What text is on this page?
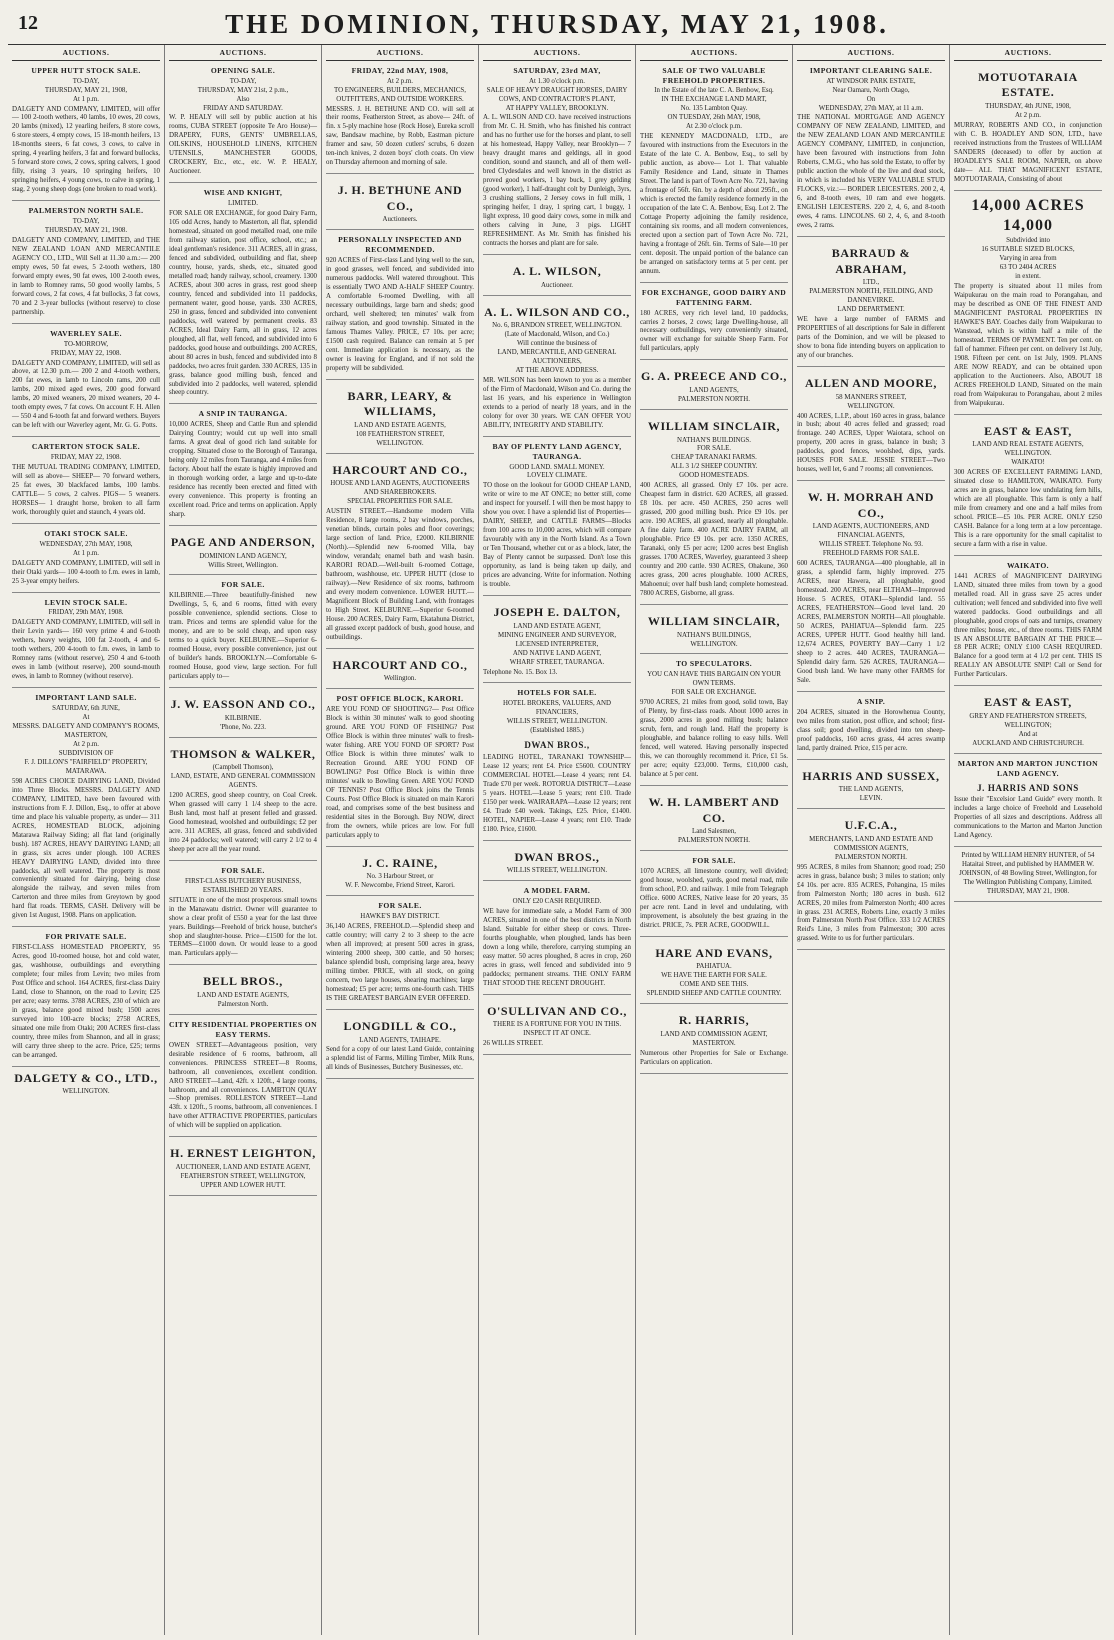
12	THE DOMINION, THURSDAY, MAY 21, 1908.
AUCTIONS.
UPPER HUTT STOCK SALE.
TO-DAY,
THURSDAY, MAY 21, 1908,
At 1 p.m.
DALGETY AND COMPANY, LIMITED, will offer— 100 2-tooth wethers, 40 lambs, 10 ewes, 20 cows, 20 lambs (mixed), 12 yearling heifers, 8 store cows, 6 store steers, 4 empty cows, 15 18-month heifers, 13 18-months steers, 6 fat cows, 3 cows, to calve in spring, 4 yearling heifers, 3 fat and forward bullocks, 5 forward store cows, 2 cows, spring calvers, 1 good filly, rising 3 years, 10 springing heifers, 10 springing heifers, 4 young cows, to calve in spring, 1 stag, 2 young sheep dogs (one broken to road work).
PALMERSTON NORTH SALE.
TO-DAY,
THURSDAY, MAY 21, 1908.
DALGETY AND COMPANY, LIMITED, and THE NEW ZEALAND LOAN AND MERCANTILE AGENCY CO., LTD., Will Sell at 11.30 a.m.:— 200 empty ewes, 50 fat ewes, 5 2-tooth wethers, 180 forward empty ewes, 90 fat ewes, 100 2-tooth ewes, in lamb to Romney rams, 50 good woolly lambs, 5 forward cows, 2 fat cows, 4 fat bullocks, 3 fat cows, 70 and 2 3-year bullocks (without reserve) to close partnership.
WAVERLEY SALE.
TO-MORROW,
FRIDAY, MAY 22, 1908.
DALGETY AND COMPANY, LIMITED, will sell as above, at 12.30 p.m.— 200 2 and 4-tooth wethers, 200 fat ewes, in lamb to Lincoln rams, 200 cull lambs, 200 mixed aged ewes, 200 good forward lambs, 20 mixed weaners, 20 mixed weaners, 20 4-tooth empty ewes, 7 fat cows. On account F. H. Allen— 550 4 and 6-tooth fat and forward wethers. Buyers can be left with our Waverley agent, Mr. G. G. Potts.
CARTERTON STOCK SALE.
FRIDAY, MAY 22, 1908.
THE MUTUAL TRADING COMPANY, LIMITED, will sell as above— SHEEP— 70 forward wethers, 25 fat ewes, 30 blackfaced lambs, 100 lambs. CATTLE— 5 cows, 2 calves. PIGS— 5 weaners. HORSES— 1 draught horse, broken to all farm work, thoroughly quiet and staunch, 4 years old.
OTAKI STOCK SALE.
WEDNESDAY, 27th MAY, 1908,
At 1 p.m.
DALGETY AND COMPANY, LIMITED, will sell in their Otaki yards— 100 4-tooth to f.m. ewes in lamb, 25 3-year empty heifers.
LEVIN STOCK SALE.
FRIDAY, 29th MAY, 1908.
DALGETY AND COMPANY, LIMITED, will sell in their Levin yards— 160 very prime 4 and 6-tooth wethers, heavy weights, 100 fat 2-tooth, 4 and 6-tooth wethers, 200 4-tooth to f.m. ewes, in lamb to Romney rams (without reserve), 250 4 and 6-tooth ewes in lamb (without reserve), 200 sound-mouth ewes, in lamb to Romney (without reserve).
IMPORTANT LAND SALE.
SATURDAY, 6th JUNE,
At
MESSRS. DALGETY AND COMPANY'S ROOMS, MASTERTON,
At 2 p.m.
SUBDIVISION OF
F. J. DILLON'S "FAIRFIELD" PROPERTY,
MATARAWA.
598 ACRES CHOICE DAIRYING LAND, Divided into Three Blocks. MESSRS. DALGETY AND COMPANY, LIMITED, have been favoured with instructions from F. J. Dillon, Esq., to offer at above time and place his valuable property, as under— 311 ACRES, HOMESTEAD BLOCK, adjoining Matarawa Railway Siding; all flat land (originally bush). 187 ACRES, HEAVY DAIRYING LAND; all in grass, six acres under plough. 100 ACRES HEAVY DAIRYING LAND, divided into three paddocks, all well watered. The property is most conveniently situated for dairying, being close alongside the railway, and seven miles from Carterton and three miles from Greytown by good hard flat roads. TERMS, CASH. Delivery will be given 1st August, 1908. Plans on application.
FOR PRIVATE SALE.
FIRST-CLASS HOMESTEAD PROPERTY, 95 Acres, good 10-roomed house, hot and cold water, gas, washhouse, outbuildings and everything complete; four miles from Levin; two miles from Post Office and school. 164 ACRES, first-class Dairy Land, close to Shannon, on the road to Levin; £25 per acre; easy terms. 3788 ACRES, 230 of which are in grass, balance good mixed bush; 1500 acres surveyed into 100-acre blocks; 2758 ACRES, situated one mile from Otaki; 200 ACRES first-class country, three miles from Shannon, and all in grass; will carry three sheep to the acre. Price, £25; terms can be arranged.
DALGETY & CO., LTD.,
WELLINGTON.
AUCTIONS.
OPENING SALE.
TO-DAY,
THURSDAY, MAY 21st, 2 p.m.,
Also
FRIDAY AND SATURDAY.
W. P. HEALY will sell by public auction at his rooms, CUBA STREET (opposite Te Aro House)— DRAPERY, FURS, GENTS' UMBRELLAS, OILSKINS, HOUSEHOLD LINENS, KITCHEN UTENSILS, MANCHESTER GOODS, CROCKERY, Etc., etc., etc. W. P. HEALY, Auctioneer.
WISE AND KNIGHT,
LIMITED.
FOR SALE OR EXCHANGE, for good Dairy Farm, 105 odd Acres, handy to Masterton, all flat, splendid homestead, situated on good metalled road, one mile from railway station, post office, school, etc.; an ideal gentleman's residence. 311 ACRES, all in grass, fenced and subdivided, outbuilding and flat, sheep country, house, yards, sheds, etc., situated good metalled road; handy railway, school, creamery. 1300 ACRES, about 300 acres in grass, rest good sheep country, fenced and subdivided into 11 paddocks, permanent water, good house, yards. 330 ACRES, 250 in grass, fenced and subdivided into convenient paddocks, well watered by permanent creeks. 83 ACRES, Ideal Dairy Farm, all in grass, 12 acres ploughed, all flat, well fenced, and subdivided into 6 paddocks, good house and outbuildings. 200 ACRES, about 80 acres in bush, fenced and subdivided into 8 paddocks, two acres fruit garden. 330 ACRES, 135 in grass, balance good milling bush, fenced and subdivided into 2 paddocks, well watered, splendid sheep country.
A SNIP IN TAURANGA.
10,000 ACRES, Sheep and Cattle Run and splendid Dairying Country; would cut up well into small farms. A great deal of good rich land suitable for cropping. Situated close to the Borough of Tauranga, being only 12 miles from Tauranga, and 4 miles from factory. About half the estate is highly improved and in thorough working order, a large and up-to-date residence has recently been erected and fitted with every convenience. This property is fronting an excellent road. Price and terms on application. Apply sharp.
PAGE AND ANDERSON,
DOMINION LAND AGENCY,
Willis Street, Wellington.
FOR SALE.
KILBIRNIE.—Three beautifully-finished new Dwellings, 5, 6, and 6 rooms, fitted with every possible convenience, splendid sections. Close to tram. Prices and terms are splendid value for the money, and are to be sold cheap, and upon easy terms to a quick buyer. KELBURNE.—Superior 6-roomed House, every possible convenience, just out of builder's hands. BROOKLYN.—Comfortable 6-roomed House, good view, large section. For full particulars apply to—
J. W. EASSON AND CO.,
KILBIRNIE.
'Phone, No. 223.
THOMSON & WALKER,
(Campbell Thomson),
LAND, ESTATE, AND GENERAL COMMISSION AGENTS.
1200 ACRES, good sheep country, on Coal Creek. When grassed will carry 1 1/4 sheep to the acre. Bush land, most half at present felled and grassed. Good homestead, woolshed and outbuildings; £2 per acre. 311 ACRES, all grass, fenced and subdivided into 24 paddocks; well watered; will carry 2 1/2 to 4 sheep per acre all the year round.
FOR SALE.
FIRST-CLASS BUTCHERY BUSINESS,
ESTABLISHED 20 YEARS.
SITUATE in one of the most prosperous small towns in the Manawatu district. Owner will guarantee to show a clear profit of £550 a year for the last three years. Buildings—Freehold of brick house, butcher's shop and slaughter-house. Price—£1500 for the lot. TERMS—£1000 down. Or would lease to a good man. Particulars apply—
BELL BROS.,
LAND AND ESTATE AGENTS,
Palmerston North.
CITY RESIDENTIAL PROPERTIES ON EASY TERMS.
OWEN STREET—Advantageous position, very desirable residence of 6 rooms, bathroom, all conveniences. PRINCESS STREET—8 Rooms, bathroom, all conveniences, excellent condition. ARO STREET—Land, 42ft. x 120ft., 4 large rooms, bathroom, and all conveniences. LAMBTON QUAY—Shop premises. ROLLESTON STREET—Land 43ft. x 120ft., 5 rooms, bathroom, all conveniences. I have other ATTRACTIVE PROPERTIES, particulars of which will be supplied on application.
H. ERNEST LEIGHTON,
AUCTIONEER, LAND AND ESTATE AGENT,
FEATHERSTON STREET, WELLINGTON,
UPPER AND LOWER HUTT.
AUCTIONS.
FRIDAY, 22nd MAY, 1908,
At 2 p.m.
TO ENGINEERS, BUILDERS, MECHANICS, OUTFITTERS, AND OUTSIDE WORKERS.
MESSRS. J. H. BETHUNE AND CO. will sell at their rooms, Featherston Street, as above— 24ft. of fin. x 5-ply machine hose (Rock Hose), Eureka scroll saw, Bandsaw machine, by Robb, Eastman picture framer and saw, 50 dozen cutlers' scrubs, 6 dozen ten-inch knives, 2 dozen boys' cloth coats. On view on Thursday afternoon and morning of sale.
J. H. BETHUNE AND CO.,
Auctioneers.
PERSONALLY INSPECTED AND RECOMMENDED.
920 ACRES of First-class Land lying well to the sun, in good grasses, well fenced, and subdivided into numerous paddocks. Well watered throughout. This is essentially TWO AND A-HALF SHEEP Country. A comfortable 6-roomed Dwelling, with all necessary outbuildings, large barn and sheds; good orchard, well sheltered; ten minutes' walk from railway station, and good township. Situated in the famous Thames Valley. PRICE, £7 10s. per acre; £1500 cash required. Balance can remain at 5 per cent. Immediate application is necessary, as the owner is leaving for England, and if not sold the property will be subdivided.
BARR, LEARY, & WILLIAMS,
LAND AND ESTATE AGENTS,
108 FEATHERSTON STREET,
WELLINGTON.
HARCOURT AND CO.,
HOUSE AND LAND AGENTS, AUCTIONEERS AND SHAREBROKERS.
SPECIAL PROPERTIES FOR SALE.
AUSTIN STREET.—Handsome modern Villa Residence, 8 large rooms, 2 bay windows, porches, venetian blinds, curtain poles and floor coverings; large section of land. Price, £2000. KILBIRNIE (North).—Splendid new 6-roomed Villa, bay window, verandah; enamel bath and wash basin. KARORI ROAD.—Well-built 6-roomed Cottage, bathroom, washhouse, etc. UPPER HUTT (close to railway).—New Residence of six rooms, bathroom and every modern convenience. LOWER HUTT.—Magnificent Block of Building Land, with frontages to High Street. KELBURNE.—Superior 6-roomed House. 200 ACRES, Dairy Farm, Ekatahuna District, all grassed except paddock of bush, good house, and outbuildings.
HARCOURT AND CO.,
Wellington.
POST OFFICE BLOCK, KARORI.
ARE YOU FOND OF SHOOTING?— Post Office Block is within 30 minutes' walk to good shooting ground. ARE YOU FOND OF FISHING? Post Office Block is within three minutes' walk to fresh-water fishing. ARE YOU FOND OF SPORT? Post Office Block is within three minutes' walk to Recreation Ground. ARE YOU FOND OF BOWLING? Post Office Block is within three minutes' walk to Bowling Green. ARE YOU FOND OF TENNIS? Post Office Block joins the Tennis Courts. Post Office Block is situated on main Karori road, and comprises some of the best business and residential sites in the Borough. Buy NOW, direct from the owners, while prices are low. For full particulars apply to
J. C. RAINE,
No. 3 Harbour Street, or
W. F. Newcombe, Friend Street, Karori.
FOR SALE.
HAWKE'S BAY DISTRICT.
36,140 ACRES, FREEHOLD.—Splendid sheep and cattle country; will carry 2 to 3 sheep to the acre when all improved; at present 500 acres in grass, wintering 2000 sheep, 300 cattle, and 50 horses; balance splendid bush, comprising large area, heavy milling timber. PRICE, with all stock, on going concern, two large houses, shearing machines; large homestead; £5 per acre; terms one-fourth cash. THIS IS THE GREATEST BARGAIN EVER OFFERED.
LONGDILL & CO.,
LAND AGENTS, TAIHAPE.
Send for a copy of our latest Land Guide, containing a splendid list of Farms, Milling Timber, Milk Runs, all kinds of Businesses, Butchery Businesses, etc.
AUCTIONS.
SATURDAY, 23rd MAY,
At 1.30 o'clock p.m.
SALE OF HEAVY DRAUGHT HORSES, DAIRY COWS, AND CONTRACTOR'S PLANT,
AT HAPPY VALLEY, BROOKLYN.
A. L. WILSON AND CO. have received instructions from Mr. C. H. Smith, who has finished his contract and has no further use for the horses and plant, to sell at his homestead, Happy Valley, near Brooklyn— 7 heavy draught mares and geldings, all in good condition, sound and staunch, and all of them well-bred Clydesdales and well known in the district as proved good workers, 1 bay buck, 1 grey gelding (good worker), 1 half-draught colt by Dunleigh, 3yrs, 3 crushing stallions, 2 Jersey cows in full milk, 1 springing heifer, 1 dray, 1 spring cart, 1 buggy, 1 light express, 10 good dairy cows, some in milk and others calving in June, 3 pigs. LIGHT REFRESHMENT. As Mr. Smith has finished his contracts the horses and plant are for sale.
A. L. WILSON,
Auctioneer.
A. L. WILSON AND CO.,
No. 6, BRANDON STREET, WELLINGTON.
(Late of Macdonald, Wilson, and Co.)
Will continue the business of
LAND, MERCANTILE, AND GENERAL AUCTIONEERS,
AT THE ABOVE ADDRESS.
MR. WILSON has been known to you as a member of the Firm of Macdonald, Wilson and Co. during the last 16 years, and his experience in Wellington extends to a period of nearly 18 years, and in the colony for over 30 years. WE CAN OFFER YOU ABILITY, INTEGRITY AND STABILITY.
BAY OF PLENTY LAND AGENCY, TAURANGA.
GOOD LAND. SMALL MONEY.
LOVELY CLIMATE.
TO those on the lookout for GOOD CHEAP LAND, write or wire to me AT ONCE; no better still, come and inspect for yourself. I will then be most happy to show you over. I have a splendid list of Properties—DAIRY, SHEEP, and CATTLE FARMS—Blocks from 100 acres to 10,000 acres, which will compare favourably with any in the North Island. As a Town or Ten Thousand, whether cut or as a block, later, the Bay of Plenty cannot be surpassed. Don't lose this opportunity, as land is being taken up daily, and prices are advancing. Write for information. Nothing is trouble.
JOSEPH E. DALTON,
LAND AND ESTATE AGENT,
MINING ENGINEER AND SURVEYOR,
LICENSED INTERPRETER,
AND NATIVE LAND AGENT,
WHARF STREET, TAURANGA.
Telephone No. 15. Box 13.
HOTELS FOR SALE.
HOTEL BROKERS, VALUERS, AND FINANCIERS,
WILLIS STREET, WELLINGTON.
(Established 1885.)
DWAN BROS.,
LEADING HOTEL, TARANAKI TOWNSHIP—Lease 12 years; rent £4. Price £5600. COUNTRY COMMERCIAL HOTEL—Lease 4 years; rent £4. Trade £70 per week. ROTORUA DISTRICT—Lease 5 years. HOTEL—Lease 5 years; rent £10. Trade £150 per week. WAIRARAPA—Lease 12 years; rent £4. Trade £40 week. Takings, £25. Price, £1400. HOTEL, NAPIER—Lease 4 years; rent £10. Trade £180. Price, £1600.
DWAN BROS.,
WILLIS STREET, WELLINGTON.
A MODEL FARM.
ONLY £20 CASH REQUIRED.
WE have for immediate sale, a Model Farm of 300 ACRES, situated in one of the best districts in North Island. Suitable for either sheep or cows. Three-fourths ploughable, when ploughed, lands has been down a long while, therefore, carrying stumping an easy matter. 50 acres ploughed, 8 acres in crop, 260 acres in grass, well fenced and subdivided into 9 paddocks; permanent streams. THE ONLY FARM THAT STOOD THE RECENT DROUGHT.
O'SULLIVAN AND CO.,
THERE IS A FORTUNE FOR YOU IN THIS.
INSPECT IT AT ONCE.
26 WILLIS STREET.
AUCTIONS.
SALE OF TWO VALUABLE FREEHOLD PROPERTIES.
In the Estate of the late C. A. Benbow, Esq.
IN THE EXCHANGE LAND MART,
No. 135 Lambton Quay.
ON TUESDAY, 26th MAY, 1908,
At 2.30 o'clock p.m.
THE KENNEDY MACDONALD, LTD., are favoured with instructions from the Executors in the Estate of the late C. A. Benbow, Esq., to sell by public auction, as above— Lot 1. That valuable Family Residence and Land, situate in Thames Street. The land is part of Town Acre No. 721, having a frontage of 56ft. 6in. by a depth of about 295ft., on which is erected the family residence formerly in the occupation of the late C. A. Benbow, Esq. Lot 2. The Cottage Property adjoining the family residence, containing six rooms, and all modern conveniences, erected upon a section part of Town Acre No. 721, having a frontage of 26ft. 6in. Terms of Sale—10 per cent. deposit. The unpaid portion of the balance can be arranged on satisfactory terms at 5 per cent. per annum.
FOR EXCHANGE, GOOD DAIRY AND FATTENING FARM.
180 ACRES, very rich level land, 10 paddocks, carries 2 horses, 2 cows; large Dwelling-house, all necessary outbuildings, very conveniently situated, owner will exchange for suitable Sheep Farm. For full particulars, apply
G. A. PREECE AND CO.,
LAND AGENTS,
PALMERSTON NORTH.
WILLIAM SINCLAIR,
NATHAN'S BUILDINGS.
FOR SALE.
CHEAP TARANAKI FARMS.
ALL 3 1/2 SHEEP COUNTRY.
GOOD HOMESTEADS.
400 ACRES, all grassed. Only £7 10s. per acre. Cheapest farm in district. 620 ACRES, all grassed. £8 10s. per acre. 450 ACRES, 250 acres well grassed, 200 good milling bush. Price £9 10s. per acre. 190 ACRES, all grassed, nearly all ploughable. A fine dairy farm. 400 ACRE DAIRY FARM, all ploughable. Price £9 10s. per acre. 1350 ACRES, Taranaki, only £5 per acre; 1200 acres best English grasses. 1700 ACRES, Waverley, guaranteed 3 sheep country and 200 cattle. 930 ACRES, Ohakune, 360 acres grass, 200 acres ploughable. 1000 ACRES, Mahoenui; over half bush land; complete homestead. 7800 ACRES, Gisborne, all grass.
WILLIAM SINCLAIR,
NATHAN'S BUILDINGS,
WELLINGTON.
TO SPECULATORS.
YOU CAN HAVE THIS BARGAIN ON YOUR OWN TERMS.
FOR SALE OR EXCHANGE.
9700 ACRES, 21 miles from good, solid town, Bay of Plenty, by first-class roads. About 1000 acres in grass, 2000 acres in good milling bush; balance scrub, fern, and rough land. Half the property is ploughable, and balance rolling to easy hills. Well fenced, well watered. Having personally inspected this, we can thoroughly recommend it. Price, £1 5s. per acre; equity £23,000. Terms, £10,000 cash, balance at 5 per cent.
W. H. LAMBERT AND CO.
Land Salesmen,
PALMERSTON NORTH.
FOR SALE.
1070 ACRES, all limestone country, well divided; good house, woolshed, yards, good metal road, mile from school, P.O. and railway. 1 mile from Telegraph Office. 6000 ACRES, Native lease for 20 years, 35 per acre rent. Land in level and undulating, with improvement, is absolutely the best grazing in the district. PRICE, 7s. PER ACRE, GOODWILL.
HARE AND EVANS,
PAHIATUA.
WE HAVE THE EARTH FOR SALE.
COME AND SEE THIS.
SPLENDID SHEEP AND CATTLE COUNTRY.
R. HARRIS,
LAND AND COMMISSION AGENT,
MASTERTON.
Numerous other Properties for Sale or Exchange. Particulars on application.
AUCTIONS.
IMPORTANT CLEARING SALE.
AT WINDSOR PARK ESTATE,
Near Oamaru, North Otago,
On
WEDNESDAY, 27th MAY, at 11 a.m.
THE NATIONAL MORTGAGE AND AGENCY COMPANY OF NEW ZEALAND, LIMITED, and the NEW ZEALAND LOAN AND MERCANTILE AGENCY COMPANY, LIMITED, in conjunction, have been favoured with instructions from John Roberts, C.M.G., who has sold the Estate, to offer by public auction the whole of the live and dead stock, in which is included his VERY VALUABLE STUD FLOCKS, viz.:— BORDER LEICESTERS. 200 2, 4, 6, and 8-tooth ewes, 10 ram and ewe hoggets. ENGLISH LEICESTERS. 220 2, 4, 6, and 8-tooth ewes, 4 rams. LINCOLNS. 60 2, 4, 6, and 8-tooth ewes, 2 rams.
BARRAUD & ABRAHAM,
LTD.,
PALMERSTON NORTH, FEILDING, AND DANNEVIRKE.
LAND DEPARTMENT.
WE have a large number of FARMS and PROPERTIES of all descriptions for Sale in different parts of the Dominion, and we will be pleased to show to bona fide intending buyers on application to any of our branches.
ALLEN AND MOORE,
58 MANNERS STREET,
WELLINGTON.
400 ACRES, L.I.P., about 160 acres in grass, balance in bush; about 40 acres felled and grassed; road frontage. 240 ACRES, Upper Waiotara, school on property, 200 acres in grass, balance in bush; 3 paddocks, good fences, woolshed, dips, yards. HOUSES FOR SALE. JESSIE STREET—Two houses, well let, 6 and 7 rooms; all conveniences.
W. H. MORRAH AND CO.,
LAND AGENTS, AUCTIONEERS, AND FINANCIAL AGENTS,
WILLIS STREET. Telephone No. 93.
FREEHOLD FARMS FOR SALE.
600 ACRES, TAURANGA—400 ploughable, all in grass, a splendid farm, highly improved. 275 ACRES, near Hawera, all ploughable, good homestead. 200 ACRES, near ELTHAM—Improved House. 5 ACRES, OTAKI—Splendid land. 55 ACRES, FEATHERSTON—Good level land. 20 ACRES, PALMERSTON NORTH—All ploughable. 50 ACRES, PAHIATUA—Splendid farm. 225 ACRES, UPPER HUTT. Good healthy hill land. 12,674 ACRES, POVERTY BAY—Carry 1 1/2 sheep to 2 acres. 440 ACRES, TAURANGA—Splendid dairy farm. 526 ACRES, TAURANGA—Good bush land. We have many other FARMS for Sale.
A SNIP.
204 ACRES, situated in the Horowhenua County, two miles from station, post office, and school; first-class soil; good dwelling, divided into ten sheep-proof paddocks, 160 acres grass, 44 acres swamp land, partly drained. Price, £15 per acre.
HARRIS AND SUSSEX,
THE LAND AGENTS,
LEVIN.
U.F.C.A.,
MERCHANTS, LAND AND ESTATE AND COMMISSION AGENTS,
PALMERSTON NORTH.
995 ACRES, 8 miles from Shannon; good road; 250 acres in grass, balance bush; 3 miles to station; only £4 10s. per acre. 835 ACRES, Pohangina, 15 miles from Palmerston North; 180 acres in bush. 612 ACRES, 20 miles from Palmerston North; 400 acres in grass. 231 ACRES, Roberts Line, exactly 3 miles from Palmerston North Post Office. 333 1/2 ACRES Reid's Line, 3 miles from Palmerston; 300 acres grassed. Write to us for further particulars.
AUCTIONS.
MOTUOTARAIA ESTATE.
THURSDAY, 4th JUNE, 1908,
At 2 p.m.
MURRAY, ROBERTS AND CO., in conjunction with C. B. HOADLEY AND SON, LTD., have received instructions from the Trustees of WILLIAM SANDERS (deceased) to offer by auction at HOADLEY'S SALE ROOM, NAPIER, on above date— ALL THAT MAGNIFICENT ESTATE, MOTUOTARAIA, Consisting of about
14,000 ACRES 14,000
Subdivided into
16 SUITABLE SIZED BLOCKS,
Varying in area from
63 TO 2404 ACRES
in extent.
The property is situated about 11 miles from Waipukurau on the main road to Porangahau, and may be described as ONE OF THE FINEST AND MAGNIFICENT PASTORAL PROPERTIES IN HAWKE'S BAY. Coaches daily from Waipukurau to Wanstead, which is within half a mile of the homestead. TERMS OF PAYMENT. Ten per cent. on fall of hammer. Fifteen per cent. on delivery 1st July, 1908. Fifteen per cent. on 1st July, 1909. PLANS ARE NOW READY, and can be obtained upon application to the Auctioneers. Also, ABOUT 18 ACRES FREEHOLD LAND, Situated on the main road from Waipukurau to Porangahau, about 2 miles from Waipukurau.
EAST & EAST,
LAND AND REAL ESTATE AGENTS,
WELLINGTON.
WAIKATO!
300 ACRES OF EXCELLENT FARMING LAND, situated close to HAMILTON, WAIKATO. Forty acres are in grass, balance low undulating fern hills, which are all ploughable. This farm is only a half mile from creamery and one and a half miles from school. PRICE—£5 10s. PER ACRE. ONLY £250 CASH. Balance for a long term at a low percentage. This is a rare opportunity for the small capitalist to secure a farm with a rise in value.
WAIKATO.
1441 ACRES of MAGNIFICENT DAIRYING LAND, situated three miles from town by a good metalled road. All in grass save 25 acres under cultivation; well fenced and subdivided into five well watered paddocks. Good outbuildings and all ploughable, good crops of oats and turnips, creamery three miles; house, etc., of three rooms. THIS FARM IS AN ABSOLUTE BARGAIN AT THE PRICE— £8 PER ACRE; ONLY £100 CASH REQUIRED. Balance for a good term at 4 1/2 per cent. THIS IS REALLY AN ABSOLUTE SNIP! Call or Send for Further Particulars.
EAST & EAST,
GREY AND FEATHERSTON STREETS,
WELLINGTON;
And at
AUCKLAND AND CHRISTCHURCH.
MARTON AND MARTON JUNCTION LAND AGENCY.
J. HARRIS AND SONS
Issue their "Excelsior Land Guide" every month. It includes a large choice of Freehold and Leasehold Properties of all sizes and descriptions. Address all communications to the Marton and Marton Junction Land Agency.
Printed by WILLIAM HENRY HUNTER, of 54 Hataitai Street, and published by HAMMER W. JOHNSON, of 48 Bowling Street, Wellington, for The Wellington Publishing Company, Limited.
THURSDAY, MAY 21, 1908.
